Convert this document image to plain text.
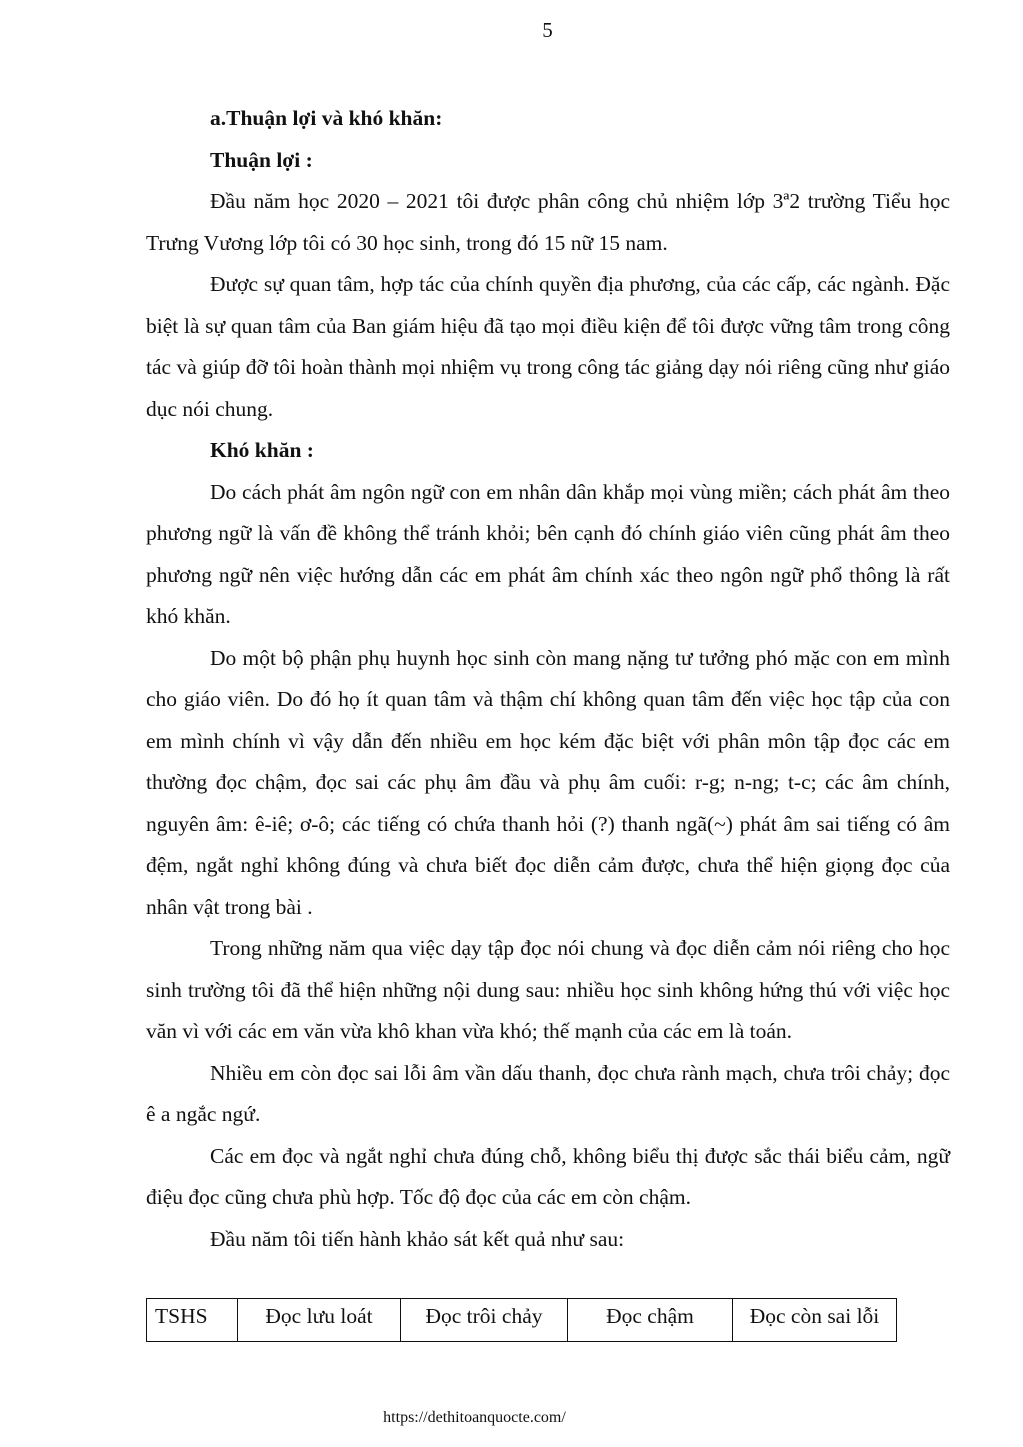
5

a.Thuận lợi và khó khăn:

Thuận lợi :

Đầu năm học 2020 – 2021 tôi được phân công chủ nhiệm lớp 3ª2 trường Tiểu học Trưng Vương lớp tôi có 30 học sinh, trong đó 15 nữ 15 nam.

Được sự quan tâm, hợp tác của chính quyền địa phương, của các cấp, các ngành. Đặc biệt là sự quan tâm của Ban giám hiệu đã tạo mọi điều kiện để tôi được vững tâm trong công tác và giúp đỡ tôi hoàn thành mọi nhiệm vụ trong công tác giảng dạy nói riêng cũng như giáo dục nói chung.

Khó khăn :

Do cách phát âm ngôn ngữ con em nhân dân khắp mọi vùng miền; cách phát âm theo phương ngữ là vấn đề không thể tránh khỏi; bên cạnh đó chính giáo viên cũng phát âm theo phương ngữ nên việc hướng dẫn các em phát âm chính xác theo ngôn ngữ phổ thông là rất khó khăn.

Do một bộ phận phụ huynh học sinh còn mang nặng tư tưởng phó mặc con em mình cho giáo viên. Do đó họ ít quan tâm và thậm chí không quan tâm đến việc học tập của con em mình chính vì vậy dẫn đến nhiều em học kém đặc biệt với phân môn tập đọc các em thường đọc chậm, đọc sai các phụ âm đầu và phụ âm cuối: r-g; n-ng; t-c; các âm chính, nguyên âm: ê-iê; ơ-ô; các tiếng có chứa thanh hỏi (?) thanh ngã(~) phát âm sai tiếng có âm đệm, ngắt nghỉ không đúng và chưa biết đọc diễn cảm được, chưa thể hiện giọng đọc của nhân vật trong bài .

Trong những năm qua việc dạy tập đọc nói chung và đọc diễn cảm nói riêng cho học sinh trường tôi đã thể hiện những nội dung sau: nhiều học sinh không hứng thú với việc học văn vì với các em văn vừa khô khan vừa khó; thế mạnh của các em là toán.

Nhiều em còn đọc sai lỗi âm vần dấu thanh, đọc chưa rành mạch, chưa trôi chảy; đọc ê a ngắc ngứ.

Các em đọc và ngắt nghỉ chưa đúng chỗ, không biểu thị được sắc thái biểu cảm, ngữ điệu đọc cũng chưa phù hợp. Tốc độ đọc của các em còn chậm.

Đầu năm tôi tiến hành khảo sát kết quả như sau:

TSHS	Đọc lưu loát	Đọc trôi chảy	Đọc chậm	Đọc còn sai lỗi
https://dethitoanquocte.com/
